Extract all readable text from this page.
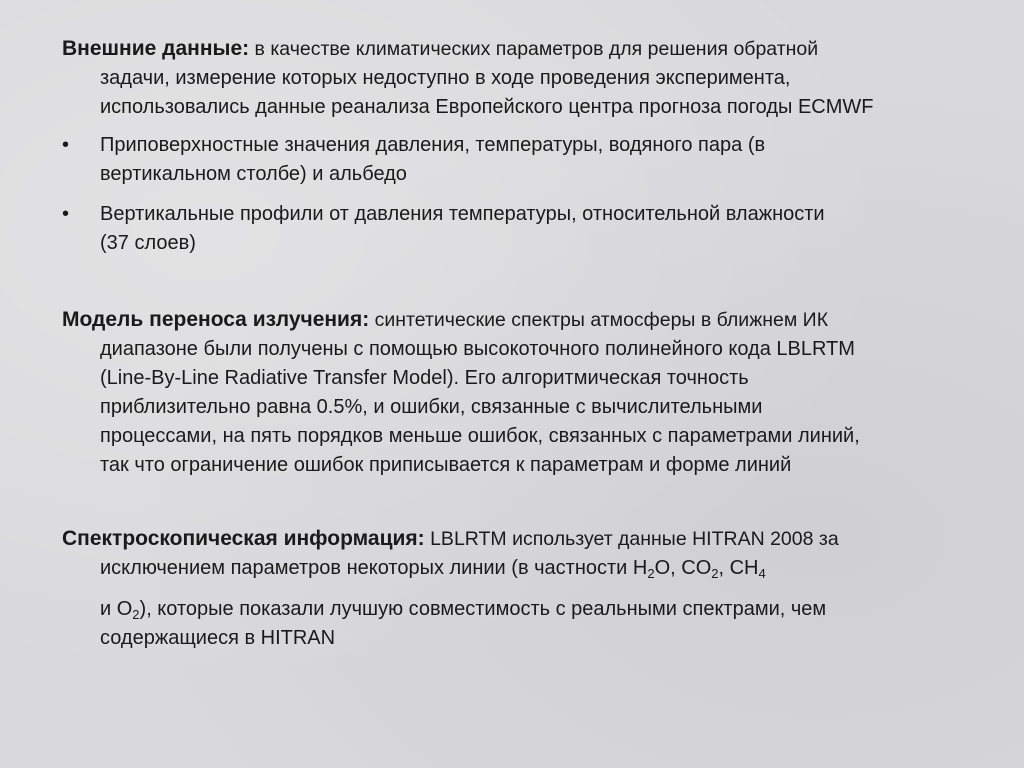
Внешние данные: в качестве климатических параметров для решения обратной
задачи, измерение которых недоступно в ходе проведения эксперимента,
использовались данные реанализа Европейского центра прогноза погоды ECMWF
•	Приповерхностные значения давления, температуры, водяного пара (в
вертикальном столбе) и альбедо
•	Вертикальные профили от давления температуры, относительной влажности
(37 слоев)
Модель переноса излучения: синтетические спектры атмосферы в ближнем ИК
диапазоне были получены с помощью высокоточного полинейного кода LBLRTM
(Line-By-Line Radiative Transfer Model). Его алгоритмическая точность
приблизительно равна 0.5%, и ошибки, связанные с вычислительными
процессами, на пять порядков меньше ошибок, связанных с параметрами линий,
так что ограничение ошибок приписывается к параметрам и форме линий
Спектроскопическая информация: LBLRTM использует данные HITRAN 2008 за
исключением параметров некоторых линии (в частности $H_2O$, $CO_2$, $CH_4$
и $O_2$), которые показали лучшую совместимость с реальными спектрами, чем
содержащиеся в HITRAN
